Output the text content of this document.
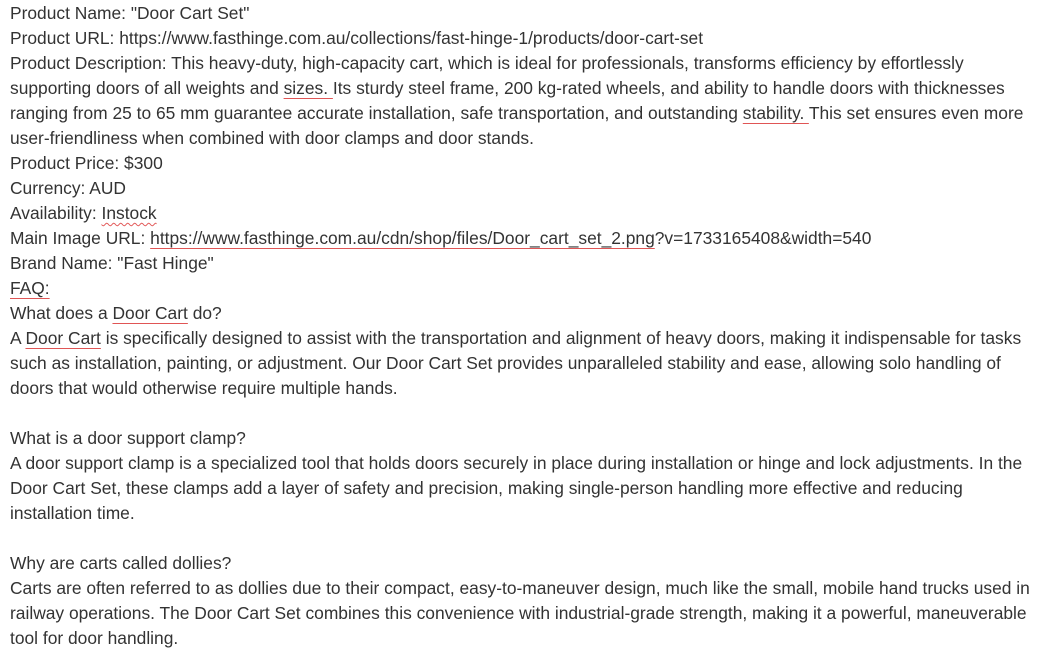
Product Name: "Door Cart Set"

Product URL: https://www.fasthinge.com.au/collections/fast-hinge-1/products/door-cart-set

Product Description: This heavy-duty, high-capacity cart, which is ideal for professionals, transforms efficiency by effortlessly supporting doors of all weights and sizes. Its sturdy steel frame, 200 kg-rated wheels, and ability to handle doors with thicknesses ranging from 25 to 65 mm guarantee accurate installation, safe transportation, and outstanding stability. This set ensures even more user-friendliness when combined with door clamps and door stands.

Product Price: $300

Currency: AUD

Availability: Instock

Main Image URL: https://www.fasthinge.com.au/cdn/shop/files/Door_cart_set_2.png?v=1733165408&width=540

Brand Name: "Fast Hinge"

FAQ:

What does a Door Cart do?

A Door Cart is specifically designed to assist with the transportation and alignment of heavy doors, making it indispensable for tasks such as installation, painting, or adjustment. Our Door Cart Set provides unparalleled stability and ease, allowing solo handling of doors that would otherwise require multiple hands.

What is a door support clamp?

A door support clamp is a specialized tool that holds doors securely in place during installation or hinge and lock adjustments. In the Door Cart Set, these clamps add a layer of safety and precision, making single-person handling more effective and reducing installation time.

Why are carts called dollies?

Carts are often referred to as dollies due to their compact, easy-to-maneuver design, much like the small, mobile hand trucks used in railway operations. The Door Cart Set combines this convenience with industrial-grade strength, making it a powerful, maneuverable tool for door handling.
